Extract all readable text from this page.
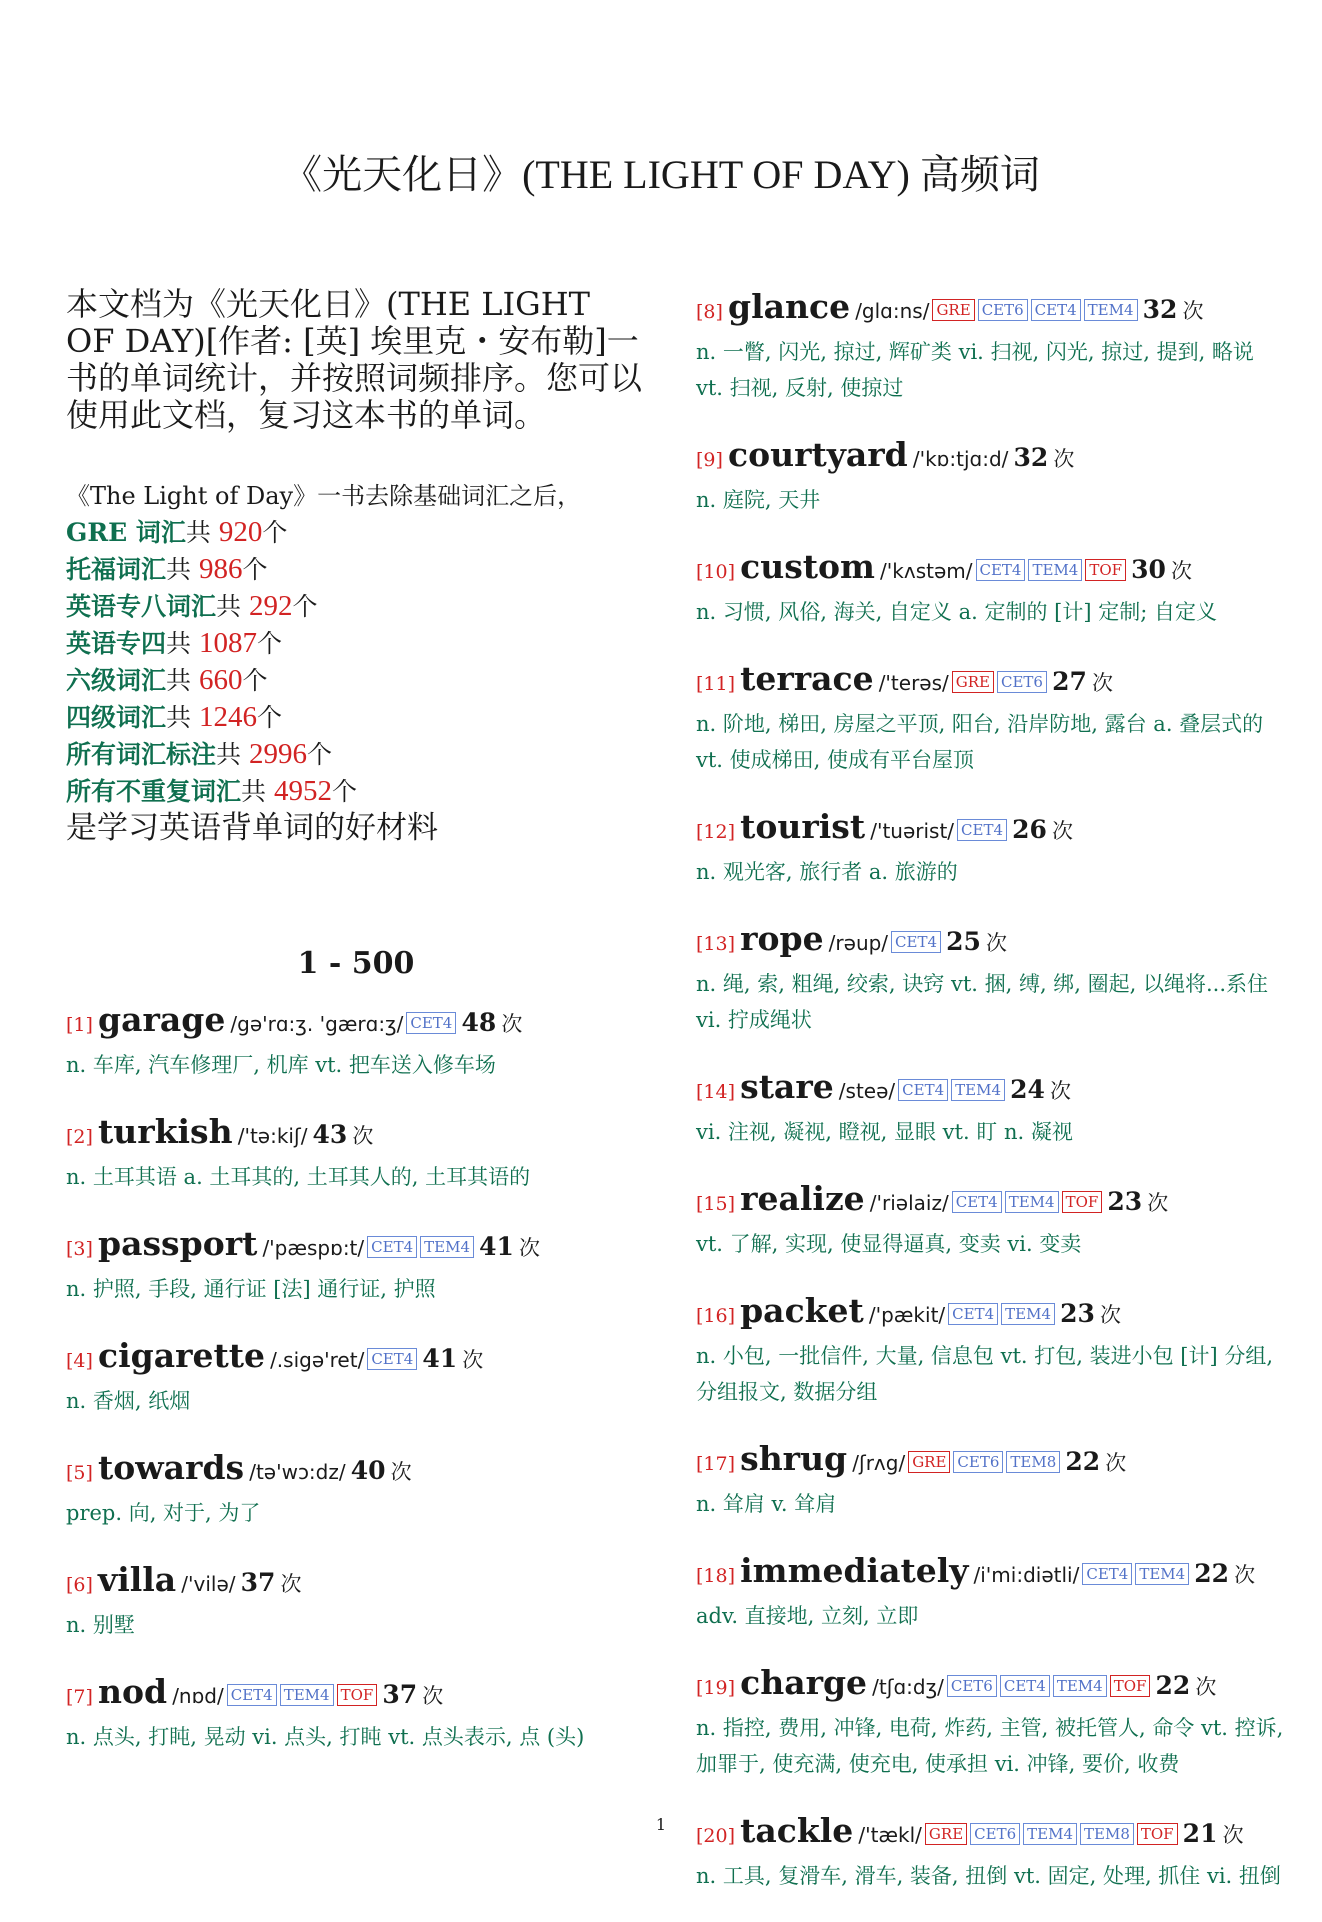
《光天化日》(THE LIGHT OF DAY) 高频词

本文档为《光天化日》(THE LIGHT OF DAY)[作者: [英] 埃里克・安布勒]一书的单词统计，并按照词频排序。您可以使用此文档，复习这本书的单词。

《The Light of Day》一书去除基础词汇之后，
GRE 词汇共 920个
托福词汇共 986个
英语专八词汇共 292个
英语专四共 1087个
六级词汇共 660个
四级词汇共 1246个
所有词汇标注共 2996个
所有不重复词汇共 4952个
是学习英语背单词的好材料
1 - 500
[1] garage /gə'rɑ:ʒ. 'gærɑ:ʒ/ CET4 48 次
n. 车库, 汽车修理厂, 机库 vt. 把车送入修车场
[2] turkish /'tə:kiʃ/ 43 次
n. 土耳其语 a. 土耳其的, 土耳其人的, 土耳其语的
[3] passport /'pæspɒ:t/ CET4 TEM4 41 次
n. 护照, 手段, 通行证 [法] 通行证, 护照
[4] cigarette /.sigə'ret/ CET4 41 次
n. 香烟, 纸烟
[5] towards /tə'wɔ:dz/ 40 次
prep. 向, 对于, 为了
[6] villa /'vilə/ 37 次
n. 别墅
[7] nod /nɒd/ CET4 TEM4 TOF 37 次
n. 点头, 打盹, 晃动 vi. 点头, 打盹 vt. 点头表示, 点 (头)
[8] glance /glɑ:ns/ GRE CET6 CET4 TEM4 32 次
n. 一瞥, 闪光, 掠过, 辉矿类 vi. 扫视, 闪光, 掠过, 提到, 略说 vt. 扫视, 反射, 使掠过
[9] courtyard /'kɒ:tjɑ:d/ 32 次
n. 庭院, 天井
[10] custom /'kʌstəm/ CET4 TEM4 TOF 30 次
n. 习惯, 风俗, 海关, 自定义 a. 定制的 [计] 定制; 自定义
[11] terrace /'terəs/ GRE CET6 27 次
n. 阶地, 梯田, 房屋之平顶, 阳台, 沿岸防地, 露台 a. 叠层式的 vt. 使成梯田, 使成有平台屋顶
[12] tourist /'tuərist/ CET4 26 次
n. 观光客, 旅行者 a. 旅游的
[13] rope /rəup/ CET4 25 次
n. 绳, 索, 粗绳, 绞索, 诀窍 vt. 捆, 缚, 绑, 圈起, 以绳将...系住 vi. 拧成绳状
[14] stare /steə/ CET4 TEM4 24 次
vi. 注视, 凝视, 瞪视, 显眼 vt. 盯 n. 凝视
[15] realize /'riəlaiz/ CET4 TEM4 TOF 23 次
vt. 了解, 实现, 使显得逼真, 变卖 vi. 变卖
[16] packet /'pækit/ CET4 TEM4 23 次
n. 小包, 一批信件, 大量, 信息包 vt. 打包, 装进小包 [计] 分组, 分组报文, 数据分组
[17] shrug /ʃrʌg/ GRE CET6 TEM8 22 次
n. 耸肩 v. 耸肩
[18] immediately /i'mi:diətli/ CET4 TEM4 22 次
adv. 直接地, 立刻, 立即
[19] charge /tʃɑ:dʒ/ CET6 CET4 TEM4 TOF 22 次
n. 指控, 费用, 冲锋, 电荷, 炸药, 主管, 被托管人, 命令 vt. 控诉, 加罪于, 使充满, 使充电, 使承担 vi. 冲锋, 要价, 收费
[20] tackle /'tækl/ GRE CET6 TEM4 TEM8 TOF 21 次
n. 工具, 复滑车, 滑车, 装备, 扭倒 vt. 固定, 处理, 抓住 vi. 扭倒
1
